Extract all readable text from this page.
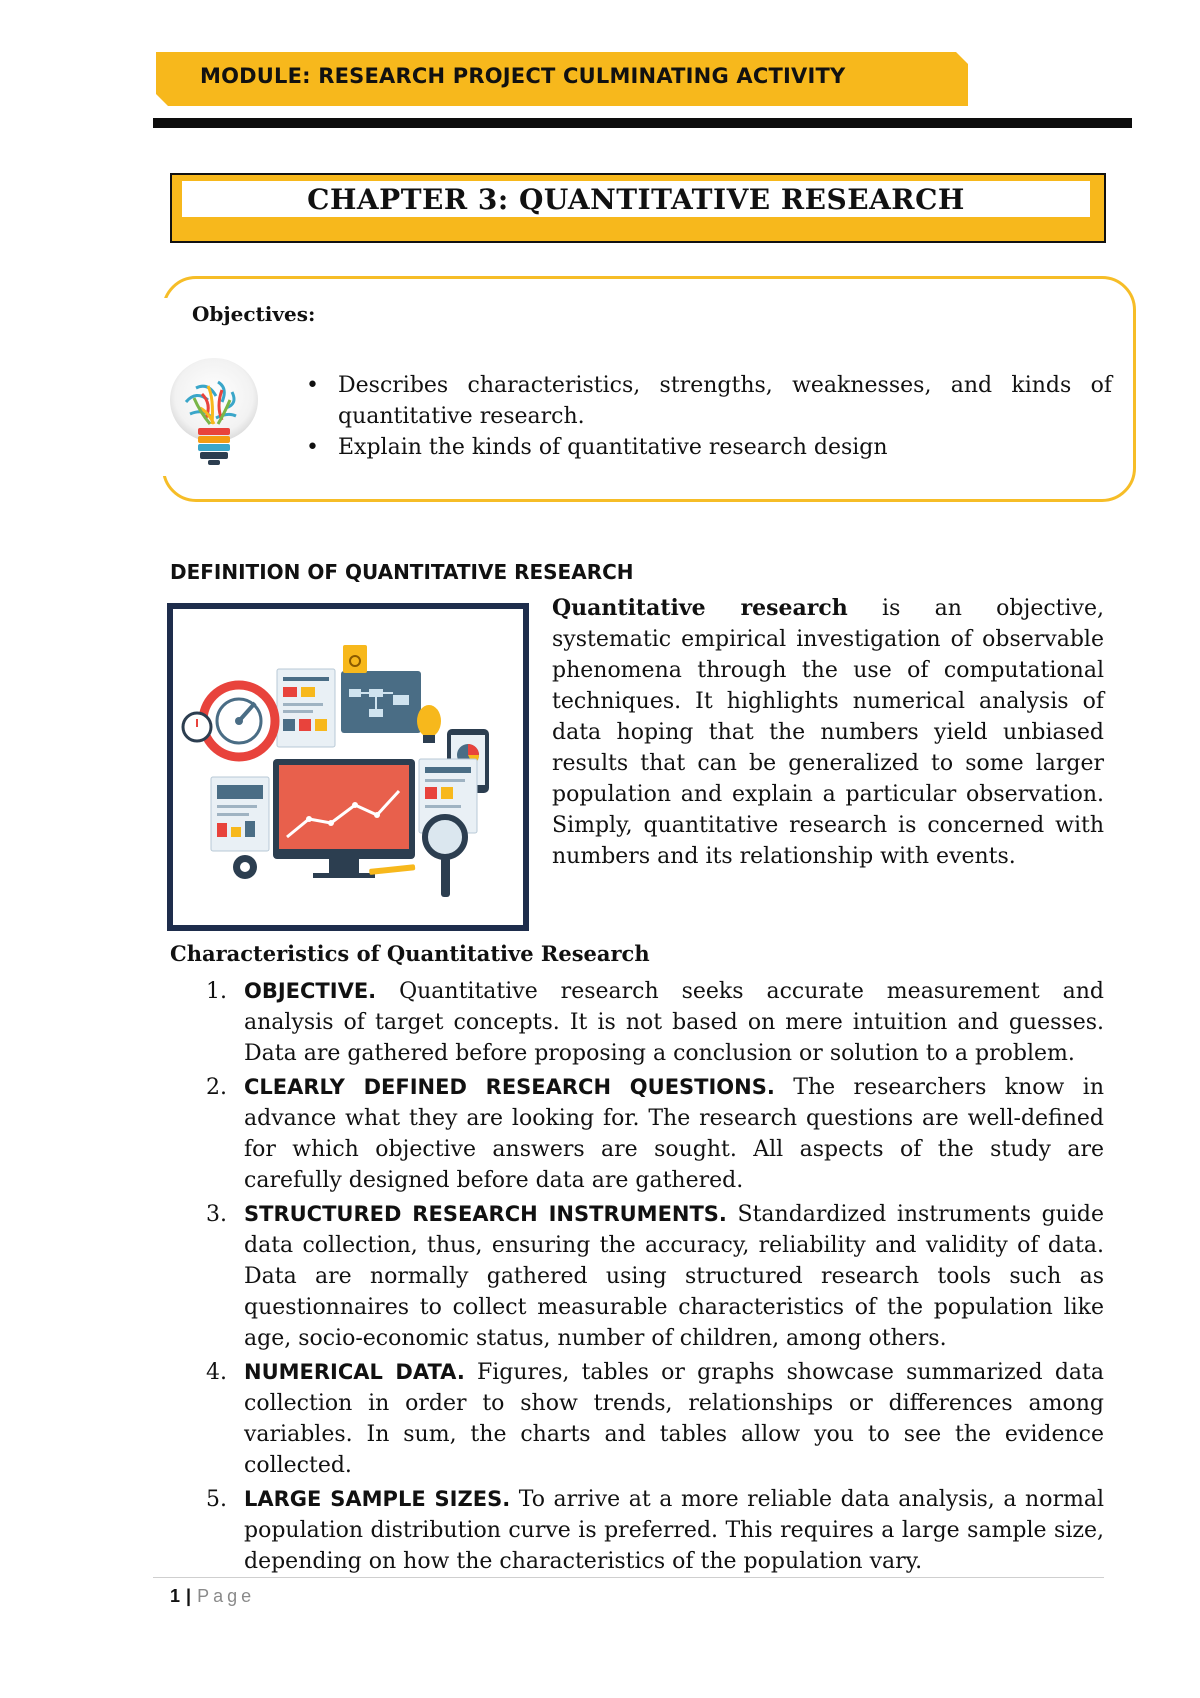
MODULE: RESEARCH PROJECT CULMINATING ACTIVITY
CHAPTER 3: QUANTITATIVE RESEARCH
Objectives:
• Describes characteristics, strengths, weaknesses, and kinds of quantitative research.
• Explain the kinds of quantitative research design
DEFINITION OF QUANTITATIVE RESEARCH
Quantitative research is an objective, systematic empirical investigation of observable phenomena through the use of computational techniques. It highlights numerical analysis of data hoping that the numbers yield unbiased results that can be generalized to some larger population and explain a particular observation. Simply, quantitative research is concerned with numbers and its relationship with events.
Characteristics of Quantitative Research
1. OBJECTIVE. Quantitative research seeks accurate measurement and analysis of target concepts. It is not based on mere intuition and guesses. Data are gathered before proposing a conclusion or solution to a problem.
2. CLEARLY DEFINED RESEARCH QUESTIONS. The researchers know in advance what they are looking for. The research questions are well-defined for which objective answers are sought. All aspects of the study are carefully designed before data are gathered.
3. STRUCTURED RESEARCH INSTRUMENTS. Standardized instruments guide data collection, thus, ensuring the accuracy, reliability and validity of data. Data are normally gathered using structured research tools such as questionnaires to collect measurable characteristics of the population like age, socio-economic status, number of children, among others.
4. NUMERICAL DATA. Figures, tables or graphs showcase summarized data collection in order to show trends, relationships or differences among variables. In sum, the charts and tables allow you to see the evidence collected.
5. LARGE SAMPLE SIZES. To arrive at a more reliable data analysis, a normal population distribution curve is preferred. This requires a large sample size, depending on how the characteristics of the population vary.
1 | Page
